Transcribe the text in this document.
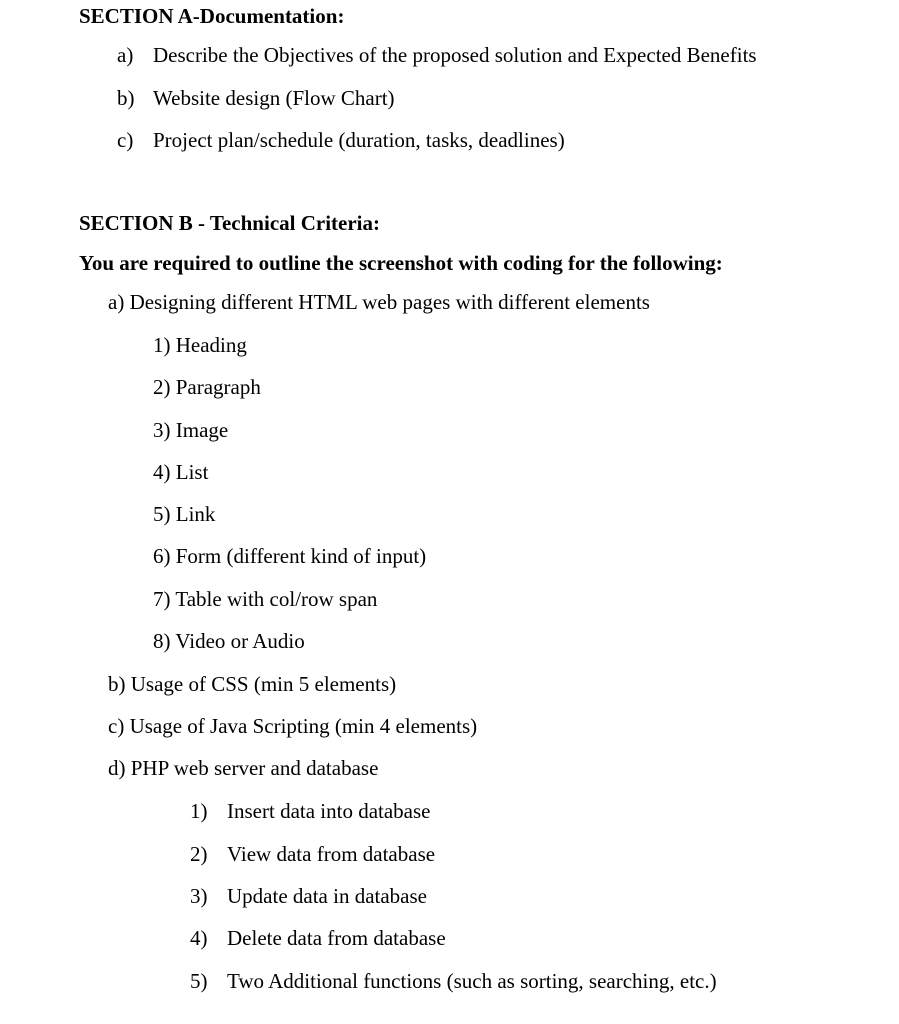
SECTION A-Documentation:
a) Describe the Objectives of the proposed solution and Expected Benefits
b) Website design (Flow Chart)
c) Project plan/schedule (duration, tasks, deadlines)
SECTION B - Technical Criteria:
You are required to outline the screenshot with coding for the following:
a) Designing different HTML web pages with different elements
1) Heading
2) Paragraph
3) Image
4) List
5) Link
6) Form (different kind of input)
7) Table with col/row span
8) Video or Audio
b) Usage of CSS (min 5 elements)
c) Usage of Java Scripting (min 4 elements)
d) PHP web server and database
1) Insert data into database
2) View data from database
3) Update data in database
4) Delete data from database
5) Two Additional functions (such as sorting, searching, etc.)
